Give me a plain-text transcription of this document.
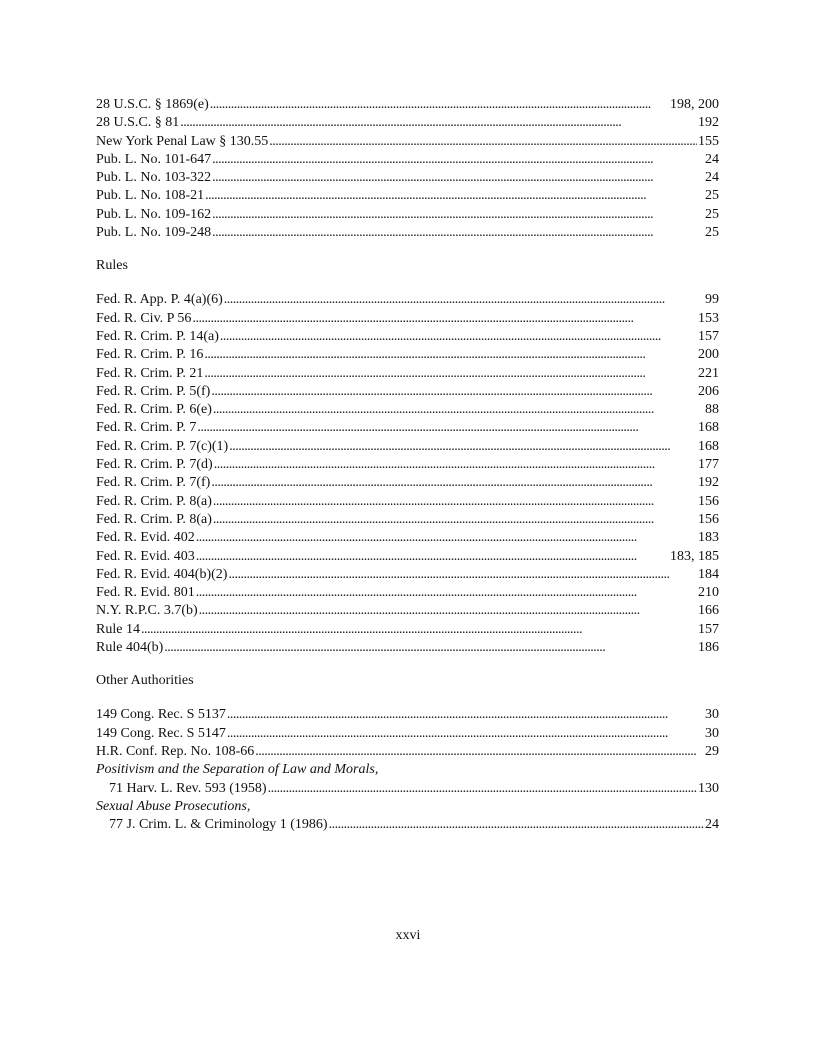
28 U.S.C. § 1869(e) . . .	198, 200
28 U.S.C. § 81 . . .	192
New York Penal Law § 130.55 . . .	155
Pub. L. No. 101-647 . . .	24
Pub. L. No. 103-322 . . .	24
Pub. L. No. 108-21 . . .	25
Pub. L. No. 109-162 . . .	25
Pub. L. No. 109-248 . . .	25
Rules
Fed. R. App. P. 4(a)(6) . . .	99
Fed. R. Civ. P 56 . . .	153
Fed. R. Crim. P. 14(a) . . .	157
Fed. R. Crim. P. 16 . . .	200
Fed. R. Crim. P. 21 . . .	221
Fed. R. Crim. P. 5(f) . . .	206
Fed. R. Crim. P. 6(e) . . .	88
Fed. R. Crim. P. 7 . . .	168
Fed. R. Crim. P. 7(c)(1) . . .	168
Fed. R. Crim. P. 7(d) . . .	177
Fed. R. Crim. P. 7(f) . . .	192
Fed. R. Crim. P. 8(a) . . .	156
Fed. R. Crim. P. 8(a) . . .	156
Fed. R. Evid. 402 . . .	183
Fed. R. Evid. 403 . . .	183, 185
Fed. R. Evid. 404(b)(2) . . .	184
Fed. R. Evid. 801 . . .	210
N.Y. R.P.C. 3.7(b) . . .	166
Rule 14 . . .	157
Rule 404(b) . . .	186
Other Authorities
149 Cong. Rec. S 5137 . . .	30
149 Cong. Rec. S 5147 . . .	30
H.R. Conf. Rep. No. 108-66 . . .	29
Positivism and the Separation of Law and Morals,
71 Harv. L. Rev. 593 (1958) . . .	130
Sexual Abuse Prosecutions,
77 J. Crim. L. & Criminology 1 (1986) . . .	24
xxvi
